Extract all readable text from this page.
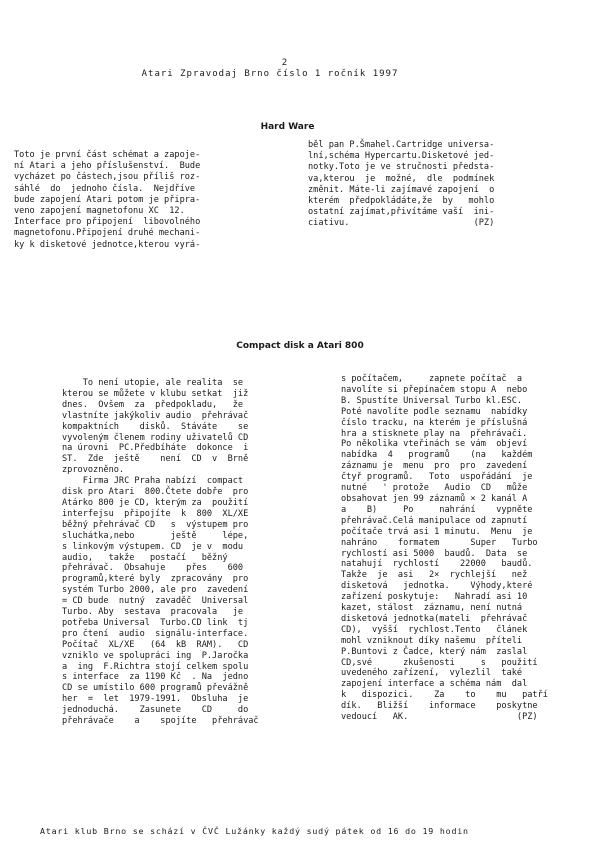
2
Atari Zpravodaj Brno číslo 1 ročník 1997
Hard Ware
Toto je první část schémat a zapoje-
ní Atari a jeho příslušenství.  Bude
vycházet po částech,jsou příliš roz-
sáhlé  do  jednoho čísla.  Nejdříve
bude zapojení Atari potom je připra-
veno zapojení magnetofonu XC  12.
Interface pro připojení  libovolného
magnetofonu.Připojení druhé mechani-
ky k disketové jednotce,kterou vyrá-
běl pan P.Šmahel.Cartridge universa-
lní,schéma Hypercartu.Disketové jed-
notky.Toto je ve stručnosti předsta-
va,kterou  je  možné,  dle  podmínek
změnit. Máte-li zajímavé zapojení  o
kterém  předpokládáte,že  by   mohlo
ostatní zajímat,přivítáme vaší  ini-
ciativu.                        (PZ)
Compact disk a Atari 800
To není utopie, ale realita  se
kterou se můžete v klubu setkat  již
dnes.  Ovšem  za  předpokladu,   že
vlastníte jakýkoliv audio  přehrávač
kompaktních    disků.  Stáváte    se
vyvoleným členem rodiny uživatelů CD
na úrovni  PC.Předbíháte  dokonce  i
ST.  Zde  ještě    není  CD  v  Brně
zprovozněno.
Firma JRC Praha nabízí  compact
disk pro Atari  800.Čtete dobře  pro
Atárko 800 je CD, kterým za  použití
interfejsu  připojíte  k  800  XL/XE
běžný přehrávač CD   s  výstupem pro
sluchátka,nebo       ještě     lépe,
s linkovým výstupem. CD  je v  modu
audio,   takže   postačí   běžný
přehrávač.  Obsahuje    přes    600
programů,které byly  zpracovány  pro
systém Turbo 2000, ale pro  zavedení
= CD bude  nutný  zavaděč  Universal
Turbo. Aby  sestava  pracovala   je
potřeba Universal  Turbo.CD link  tj
pro čtení  audio  signálu-interface.
Počítač  XL/XE   (64  kB  RAM).   CD
vzniklo ve spolupráci ing  P.Jaročka
a  ing  F.Richtra stojí celkem spolu
s interface  za 1190 Kč  . Na  jedno
CD se umístilo 600 programů převážně
her  =  let  1979-1991.  Obsluha  je
jednoduchá.    Zasunete    CD     do
přehrávače    a    spojíte   přehrávač
s počítačem,     zapnete počítač  a
navolíte si přepínačem stopu A  nebo
B. Spustíte Universal Turbo kl.ESC.
Poté navolíte podle seznamu  nabídky
číslo tracku, na kterém je příslušná
hra a stisknete play na  přehrávači.
Po několika vteřinách se vám  objeví
nabídka  4   programů    (na   každém
záznamu je  menu  pro  pro  zavedení
čtyř programů.   Toto  uspořádání  je
nutné   ' protože   Audio  CD   může
obsahovat jen 99 záznamů × 2 kanál A
a    B)     Po     nahrání    vypněte
přehrávač.Celá manipulace od zapnutí
počítače trvá asi 1 minutu.  Menu  je
nahráno    formatem      Super   Turbo
rychlostí asi 5000  baudů.  Data  se
natahují  rychlostí    22000   baudů.
Takže  je  asi   2×  rychlejší   než
disketová   jednotka.    Výhody,které
zařízení poskytuje:   Nahradí asi 10
kazet, stálost  záznamu, není nutná
disketová jednotka(mateli  přehrávač
CD),  vyšší  rychlost.Tento   článek
mohl vzniknout díky našemu  příteli
P.Buntovi z Čadce, který nám  zaslal
CD,své      zkušenosti     s   použití
uvedeného zařízení,  vylezlil  také
zapojení interface a schéma nám  dal
k   dispozici.    Za    to    mu   patří
dík.   Bližší    informace    poskytne
vedoucí   AK.                     (PZ)
Atari klub Brno se schází v ČVČ Lužánky každý sudý pátek od 16 do 19 hodin
